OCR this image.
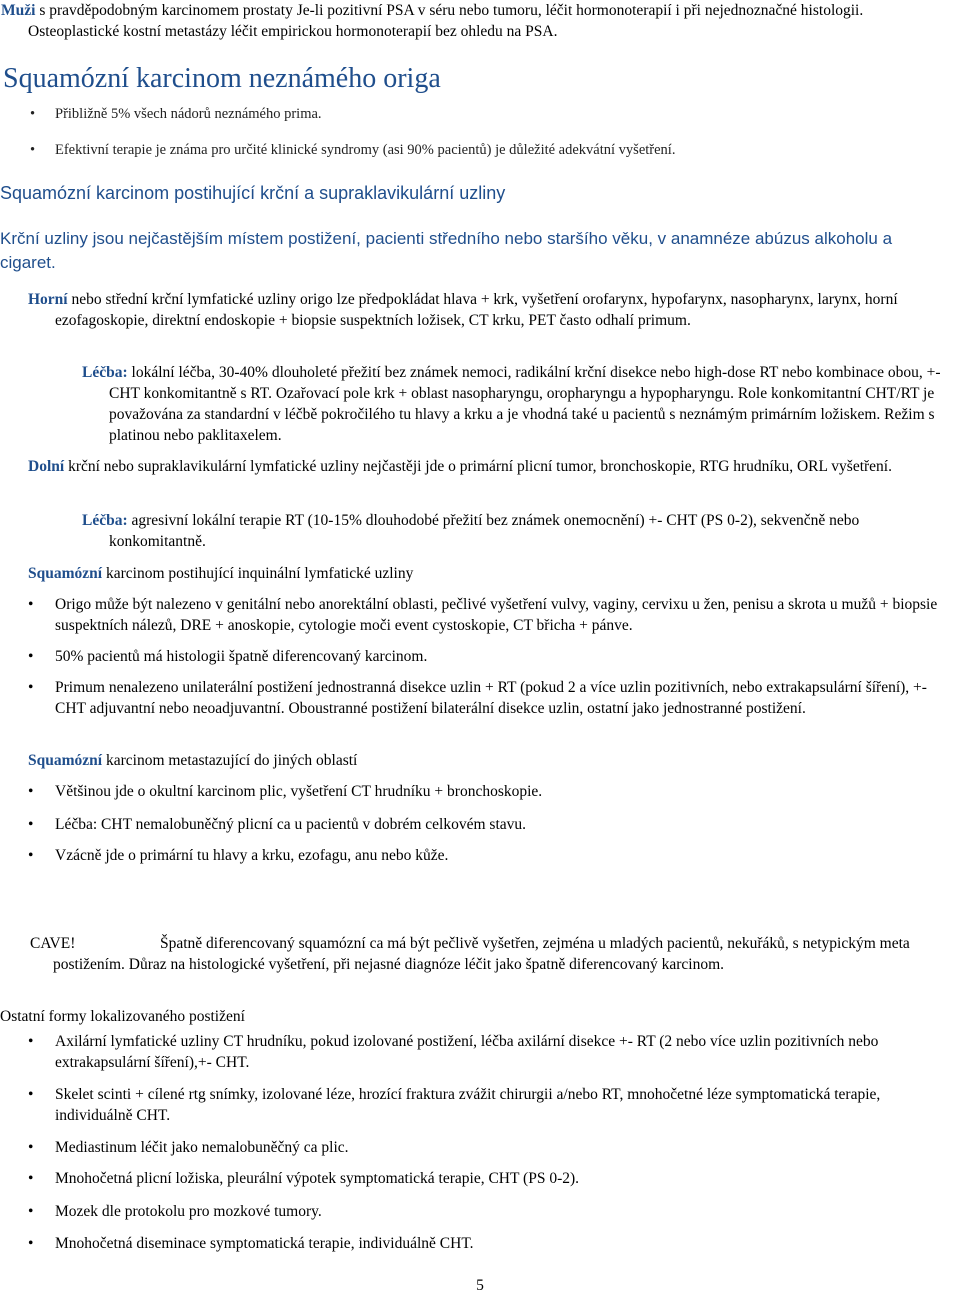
Muži s pravděpodobným karcinomem prostaty Je-li pozitivní PSA v séru nebo tumoru, léčit hormonoterapií i při nejednoznačné histologii. Osteoplastické kostní metastázy léčit empirickou hormonoterapií bez ohledu na PSA.

Squamózní karcinom neznámého origa
• Přibližně 5% všech nádorů neznámého prima.
• Efektivní terapie je známa pro určité klinické syndromy (asi 90% pacientů) je důležité adekvátní vyšetření.
Squamózní karcinom postihující krční a supraklavikulární uzliny
Krční uzliny jsou nejčastějším místem postižení, pacienti středního nebo staršího věku, v anamnéze abúzus alkoholu a cigaret.

Horní nebo střední krční lymfatické uzliny origo lze předpokládat hlava + krk, vyšetření orofarynx, hypofarynx, nasopharynx, larynx, horní ezofagoskopie, direktní endoskopie + biopsie suspektních ložisek, CT krku, PET často odhalí primum.

Léčba: lokální léčba, 30-40% dlouholeté přežití bez známek nemoci, radikální krční disekce nebo high-dose RT nebo kombinace obou, +- CHT konkomitantně s RT. Ozařovací pole krk + oblast nasopharyngu, oropharyngu a hypopharyngu. Role konkomitantní CHT/RT je považována za standardní v léčbě pokročilého tu hlavy a krku a je vhodná také u pacientů s neznámým primárním ložiskem. Režim s platinou nebo paklitaxelem.

Dolní krční nebo supraklavikulární lymfatické uzliny nejčastěji jde o primární plicní tumor, bronchoskopie, RTG hrudníku, ORL vyšetření.

Léčba: agresivní lokální terapie RT (10-15% dlouhodobé přežití bez známek onemocnění) +- CHT (PS 0-2), sekvenčně nebo konkomitantně.

Squamózní karcinom postihující inquinální lymfatické uzliny

• Origo může být nalezeno v genitální nebo anorektální oblasti, pečlivé vyšetření vulvy, vaginy, cervixu u žen, penisu a skrota u mužů + biopsie suspektních nálezů, DRE + anoskopie, cytologie moči event cystoskopie, CT břicha + pánve.
• 50% pacientů má histologii špatně diferencovaný karcinom.
• Primum nenalezeno unilaterální postižení jednostranná disekce uzlin + RT (pokud 2 a více uzlin pozitivních, nebo extrakapsulární šíření), +- CHT adjuvantní nebo neoadjuvantní. Oboustranné postižení bilaterální disekce uzlin, ostatní jako jednostranné postižení.

Squamózní karcinom metastazující do jiných oblastí

• Většinou jde o okultní karcinom plic, vyšetření CT hrudníku + bronchoskopie.
• Léčba: CHT nemalobuněčný plicní ca u pacientů v dobrém celkovém stavu.
• Vzácně jde o primární tu hlavy a krku, ezofagu, anu nebo kůže.
CAVE!	Špatně diferencovaný squamózní ca má být pečlivě vyšetřen, zejména u mladých pacientů, nekuřáků, s netypickým meta postižením. Důraz na histologické vyšetření, při nejasné diagnóze léčit jako špatně diferencovaný karcinom.

Ostatní formy lokalizovaného postižení

• Axilární lymfatické uzliny CT hrudníku, pokud izolované postižení, léčba axilární disekce +- RT (2 nebo více uzlin pozitivních nebo extrakapsulární šíření),+- CHT.
• Skelet scinti + cílené rtg snímky, izolované léze, hrozící fraktura zvážit chirurgii a/nebo RT, mnohočetné léze symptomatická terapie, individuálně CHT.
• Mediastinum léčit jako nemalobuněčný ca plic.
• Mnohočetná plicní ložiska, pleurální výpotek symptomatická terapie, CHT (PS 0-2).
• Mozek dle protokolu pro mozkové tumory.
• Mnohočetná diseminace symptomatická terapie, individuálně CHT.
5
